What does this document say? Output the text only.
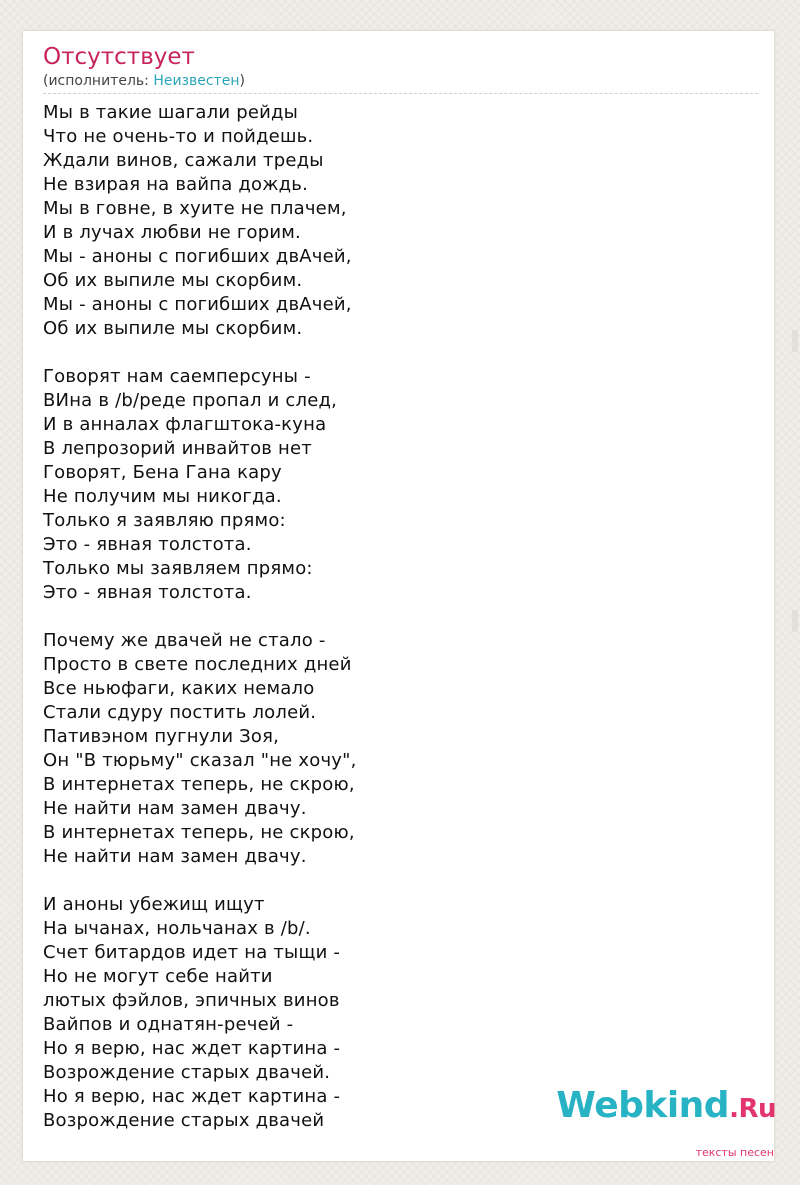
Отсутствует
(исполнитель: Неизвестен)
Мы в такие шагали рейды
Что не очень-то и пойдешь.
Ждали винов, сажали треды
Не взирая на вайпа дождь.
Мы в говне, в хуите не плачем,
И в лучах любви не горим.
Мы - аноны с погибших двАчей,
Об их выпиле мы скорбим.
Мы - аноны с погибших двАчей,
Об их выпиле мы скорбим.
Говорят нам саемперсуны -
ВИна в /b/реде пропал и след,
И в анналах флагштока-куна
В лепрозорий инвайтов нет
Говорят, Бена Гана кару
Не получим мы никогда.
Только я заявляю прямо:
Это - явная толстота.
Только мы заявляем прямо:
Это - явная толстота.
Почему же двачей не стало -
Просто в свете последних дней
Все ньюфаги, каких немало
Стали сдуру постить лолей.
Пативэном пугнули Зоя,
Он "В тюрьму" сказал "не хочу",
В интернетах теперь, не скрою,
Не найти нам замен двачу.
В интернетах теперь, не скрою,
Не найти нам замен двачу.
И аноны убежищ ищут
На ычанах, нольчанах в /b/.
Счет битардов идет на тыщи -
Но не могут себе найти
лютых фэйлов, эпичных винов
Вайпов и однатян-речей -
Но я верю, нас ждет картина -
Возрождение старых двачей.
Но я верю, нас ждет картина -
Возрождение старых двачей	Webkind.Ru
тексты песен
